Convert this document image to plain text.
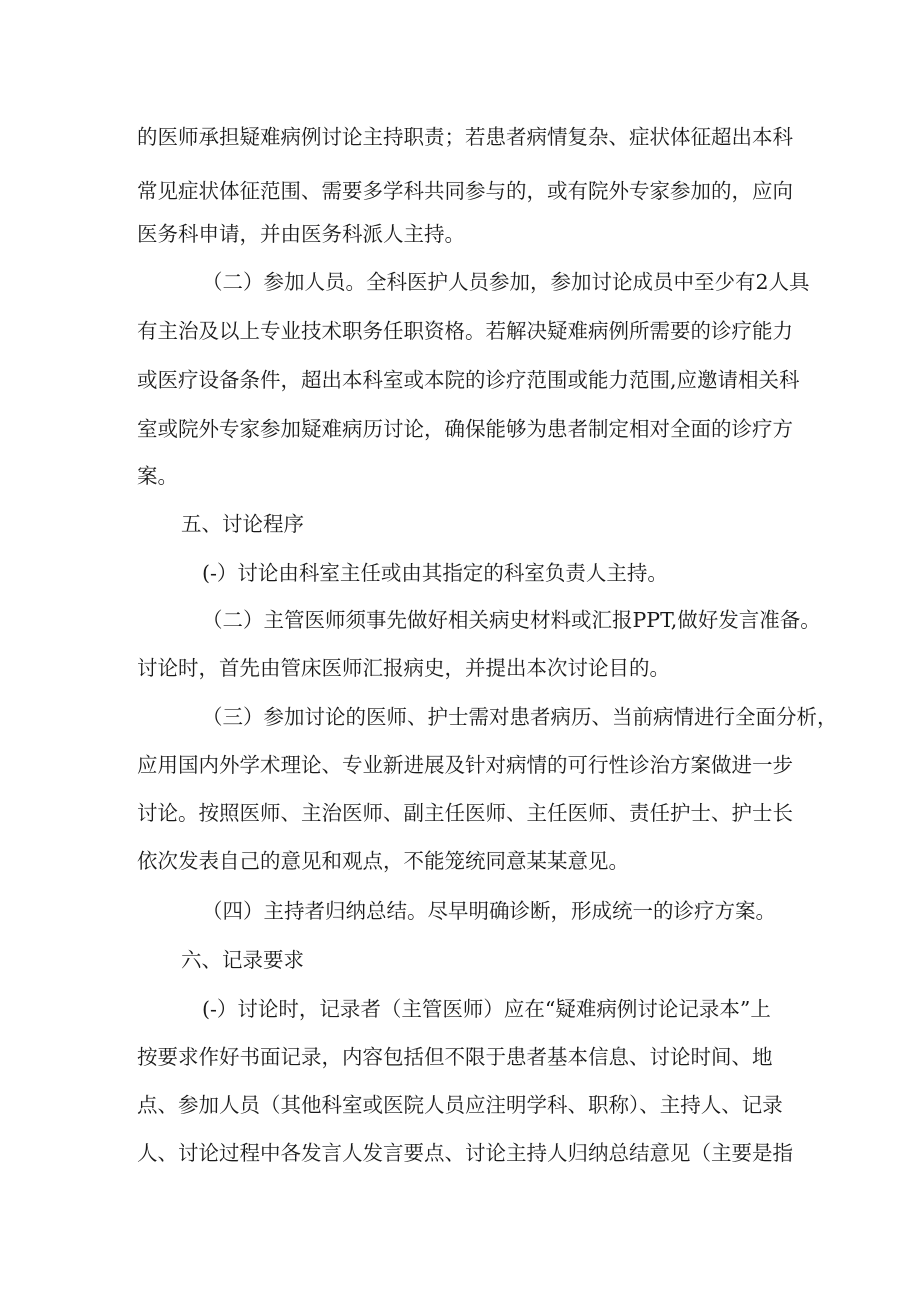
的医师承担疑难病例讨论主持职责；若患者病情复杂、症状体征超出本科

常见症状体征范围、需要多学科共同参与的，或有院外专家参加的，应向

医务科申请，并由医务科派人主持。

（二）参加人员。全科医护人员参加，参加讨论成员中至少有2人具

有主治及以上专业技术职务任职资格。若解决疑难病例所需要的诊疗能力

或医疗设备条件，超出本科室或本院的诊疗范围或能力范围,应邀请相关科

室或院外专家参加疑难病历讨论，确保能够为患者制定相对全面的诊疗方

案。

五、讨论程序

(-）讨论由科室主任或由其指定的科室负责人主持。

（二）主管医师须事先做好相关病史材料或汇报PPT,做好发言准备。

讨论时，首先由管床医师汇报病史，并提出本次讨论目的。

（三）参加讨论的医师、护士需对患者病历、当前病情进行全面分析，

应用国内外学术理论、专业新进展及针对病情的可行性诊治方案做进一步

讨论。按照医师、主治医师、副主任医师、主任医师、责任护士、护士长

依次发表自己的意见和观点，不能笼统同意某某意见。

（四）主持者归纳总结。尽早明确诊断，形成统一的诊疗方案。

六、记录要求

(-）讨论时，记录者（主管医师）应在“疑难病例讨论记录本”上

按要求作好书面记录，内容包括但不限于患者基本信息、讨论时间、地

点、参加人员（其他科室或医院人员应注明学科、职称）、主持人、记录

人、讨论过程中各发言人发言要点、讨论主持人归纳总结意见（主要是指
